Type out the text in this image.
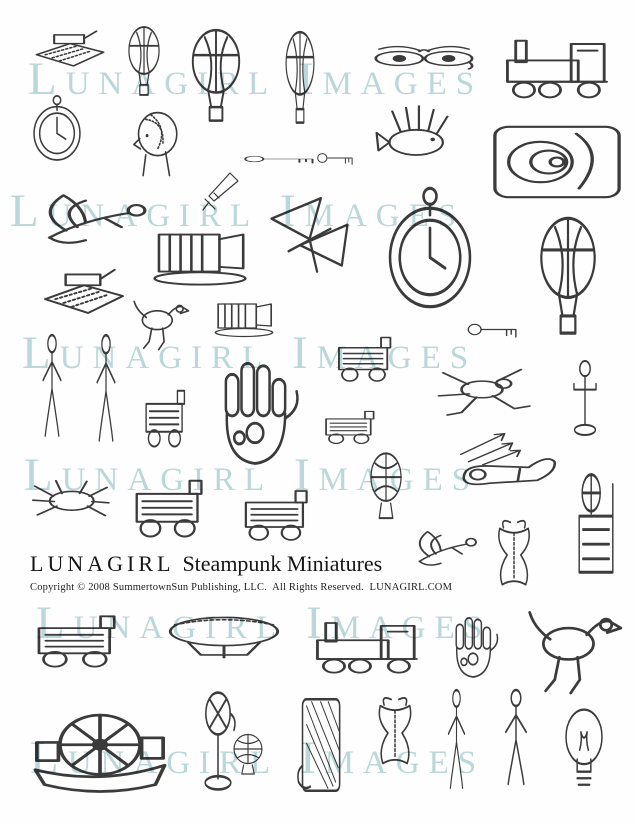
Lunagirl Images
Lunagirl Images
Lunagirl Images
Lunagirl Images
Lunagirl Images
Lunagirl Images
LUNAGIRL Steampunk Miniatures
Copyright © 2008 SummertownSun Publishing, LLC.  All Rights Reserved.  LUNAGIRL.COM
